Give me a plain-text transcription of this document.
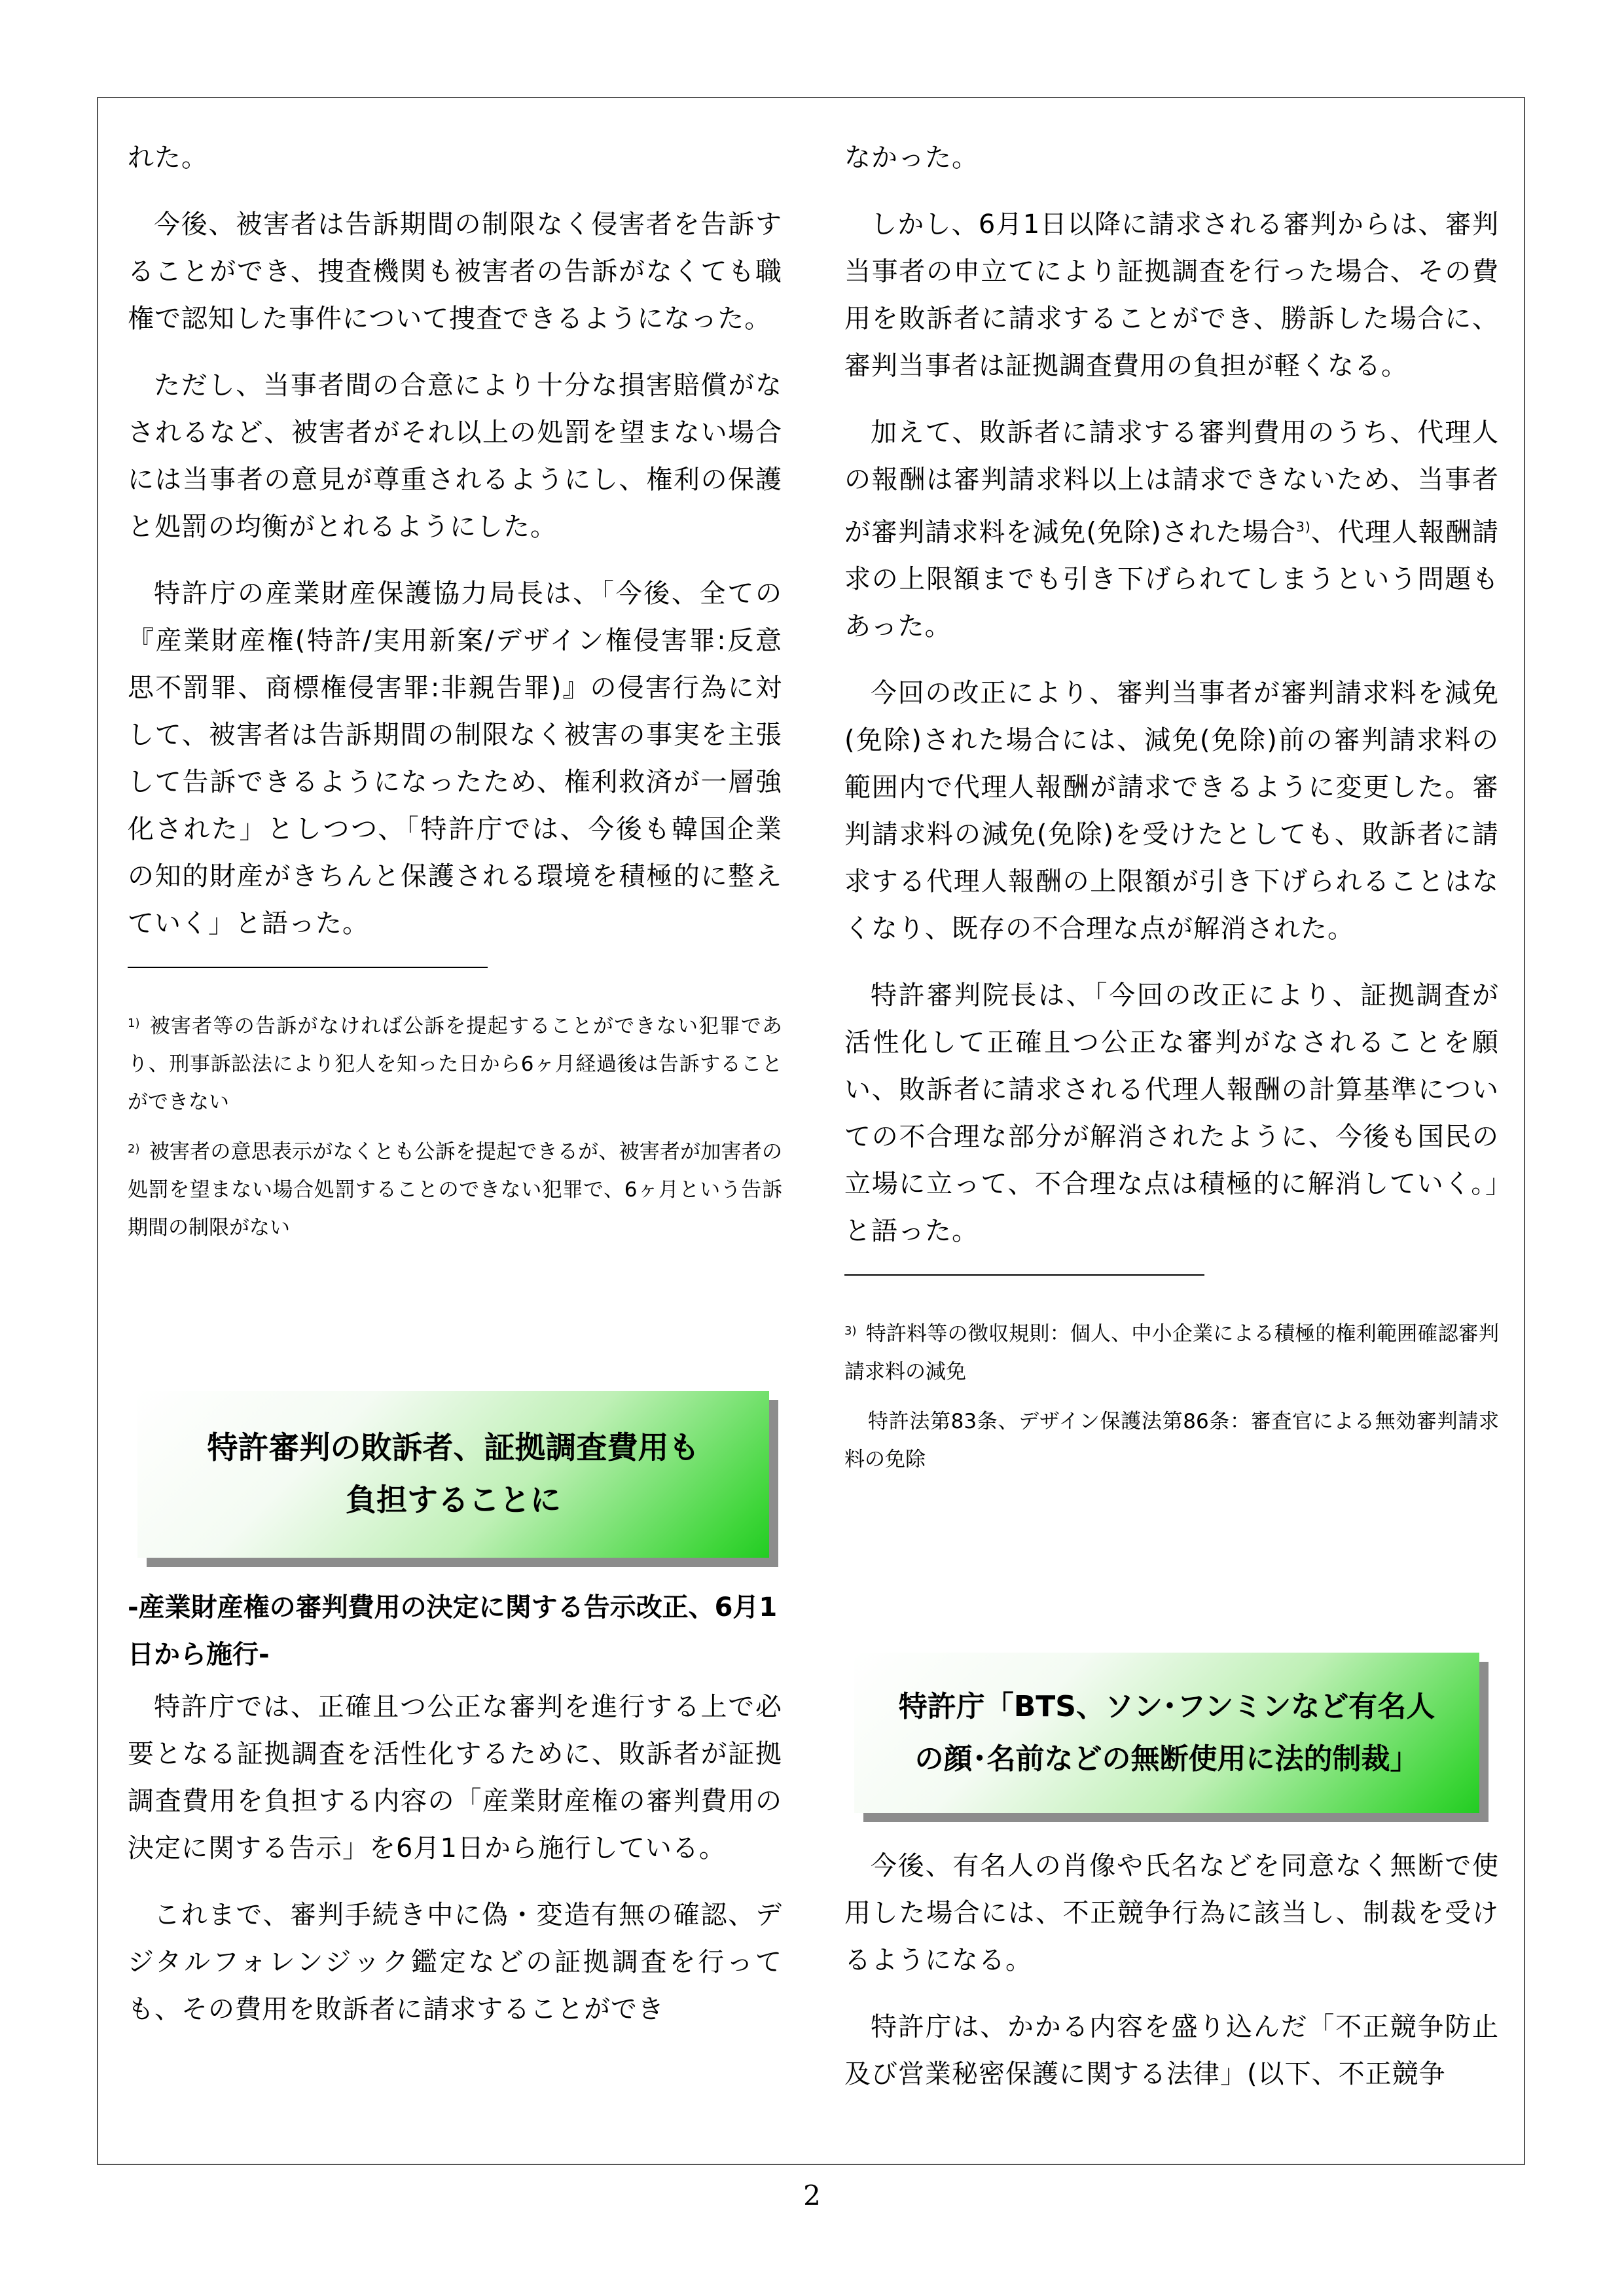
れた。

今後、被害者は告訴期間の制限なく侵害者を告訴することができ、捜査機関も被害者の告訴がなくても職権で認知した事件について捜査できるようになった。

ただし、当事者間の合意により十分な損害賠償がなされるなど、被害者がそれ以上の処罰を望まない場合には当事者の意見が尊重されるようにし、権利の保護と処罰の均衡がとれるようにした。

特許庁の産業財産保護協力局長は、「今後、全ての『産業財産権(特許/実用新案/デザイン権侵害罪:反意思不罰罪、商標権侵害罪:非親告罪)』の侵害行為に対して、被害者は告訴期間の制限なく被害の事実を主張して告訴できるようになったため、権利救済が一層強化された」としつつ、「特許庁では、今後も韓国企業の知的財産がきちんと保護される環境を積極的に整えていく」と語った。

$^{1)}$ 被害者等の告訴がなければ公訴を提起することができない犯罪であり、刑事訴訟法により犯人を知った日から6ヶ月経過後は告訴することができない

$^{2)}$ 被害者の意思表示がなくとも公訴を提起できるが、被害者が加害者の処罰を望まない場合処罰することのできない犯罪で、6ヶ月という告訴期間の制限がない

特許審判の敗訴者、証拠調査費用も
負担することに

-産業財産権の審判費用の決定に関する告示改正、6月1日から施行-

特許庁では、正確且つ公正な審判を進行する上で必要となる証拠調査を活性化するために、敗訴者が証拠調査費用を負担する内容の「産業財産権の審判費用の決定に関する告示」を6月1日から施行している。

これまで、審判手続き中に偽・変造有無の確認、デジタルフォレンジック鑑定などの証拠調査を行っても、その費用を敗訴者に請求することができ

なかった。

しかし、6月1日以降に請求される審判からは、審判当事者の申立てにより証拠調査を行った場合、その費用を敗訴者に請求することができ、勝訴した場合に、審判当事者は証拠調査費用の負担が軽くなる。

加えて、敗訴者に請求する審判費用のうち、代理人の報酬は審判請求料以上は請求できないため、当事者が審判請求料を減免(免除)された場合$^{3)}$、代理人報酬請求の上限額までも引き下げられてしまうという問題もあった。

今回の改正により、審判当事者が審判請求料を減免(免除)された場合には、減免(免除)前の審判請求料の範囲内で代理人報酬が請求できるように変更した。審判請求料の減免(免除)を受けたとしても、敗訴者に請求する代理人報酬の上限額が引き下げられることはなくなり、既存の不合理な点が解消された。

特許審判院長は、「今回の改正により、証拠調査が活性化して正確且つ公正な審判がなされることを願い、敗訴者に請求される代理人報酬の計算基準についての不合理な部分が解消されたように、今後も国民の立場に立って、不合理な点は積極的に解消していく。」と語った。

$^{3)}$ 特許料等の徴収規則：個人、中小企業による積極的権利範囲確認審判請求料の減免

特許法第83条、デザイン保護法第86条：審査官による無効審判請求料の免除

特許庁「BTS、ソン･フンミンなど有名人
の顔･名前などの無断使用に法的制裁」

今後、有名人の肖像や氏名などを同意なく無断で使用した場合には、不正競争行為に該当し、制裁を受けるようになる。

特許庁は、かかる内容を盛り込んだ「不正競争防止及び営業秘密保護に関する法律」(以下、不正競争

2
